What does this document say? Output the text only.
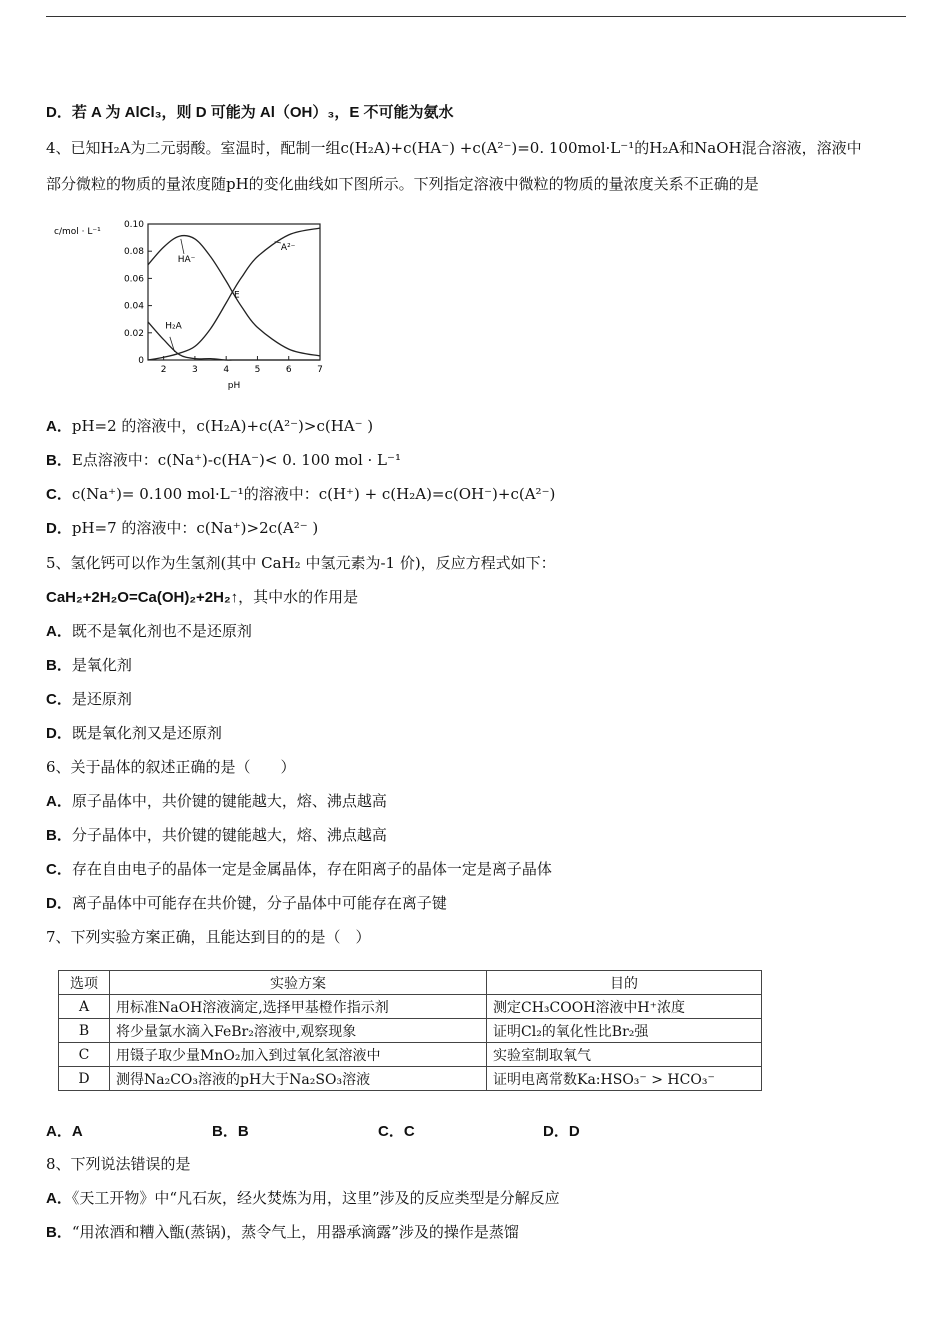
D．若 A 为 AlCl₃，则 D 可能为 Al（OH）₃，E 不可能为氨水
4、已知H₂A为二元弱酸。室温时，配制一组c(H₂A)+c(HA⁻) +c(A²⁻)=0. 100mol·L⁻¹的H₂A和NaOH混合溶液，溶液中
部分微粒的物质的量浓度随pH的变化曲线如下图所示。下列指定溶液中微粒的物质的量浓度关系不正确的是
c/mol · L⁻¹
0
0.02
0.04
0.06
0.08
0.10
2	3	4	5	6	7
HA⁻
A²⁻
H₂A
E
pH
A．pH=2 的溶液中，c(H₂A)+c(A²⁻)>c(HA⁻ )
B．E点溶液中：c(Na⁺)-c(HA⁻)< 0. 100 mol · L⁻¹
C．c(Na⁺)= 0.100 mol·L⁻¹的溶液中：c(H⁺) + c(H₂A)=c(OH⁻)+c(A²⁻)
D．pH=7 的溶液中：c(Na⁺)>2c(A²⁻ )
5、氢化钙可以作为生氢剂(其中 CaH₂ 中氢元素为-1 价)，反应方程式如下：
CaH₂+2H₂O=Ca(OH)₂+2H₂↑，其中水的作用是
A．既不是氧化剂也不是还原剂
B．是氧化剂
C．是还原剂
D．既是氧化剂又是还原剂
6、关于晶体的叙述正确的是（　　）
A．原子晶体中，共价键的键能越大，熔、沸点越高
B．分子晶体中，共价键的键能越大，熔、沸点越高
C．存在自由电子的晶体一定是金属晶体，存在阳离子的晶体一定是离子晶体
D．离子晶体中可能存在共价键，分子晶体中可能存在离子键
7、下列实验方案正确，且能达到目的的是（　）
选项	实验方案	目的
A	用标准NaOH溶液滴定,选择甲基橙作指示剂	测定CH₃COOH溶液中H⁺浓度
B	将少量氯水滴入FeBr₂溶液中,观察现象	证明Cl₂的氧化性比Br₂强
C	用镊子取少量MnO₂加入到过氧化氢溶液中	实验室制取氧气
D	测得Na₂CO₃溶液的pH大于Na₂SO₃溶液	证明电离常数Ka:HSO₃⁻ > HCO₃⁻
A．A	B．B	C．C	D．D
8、下列说法错误的是
A．《天工开物》中“凡石灰，经火焚炼为用，这里”涉及的反应类型是分解反应
B．“用浓酒和糟入甑(蒸锅)，蒸令气上，用器承滴露”涉及的操作是蒸馏
